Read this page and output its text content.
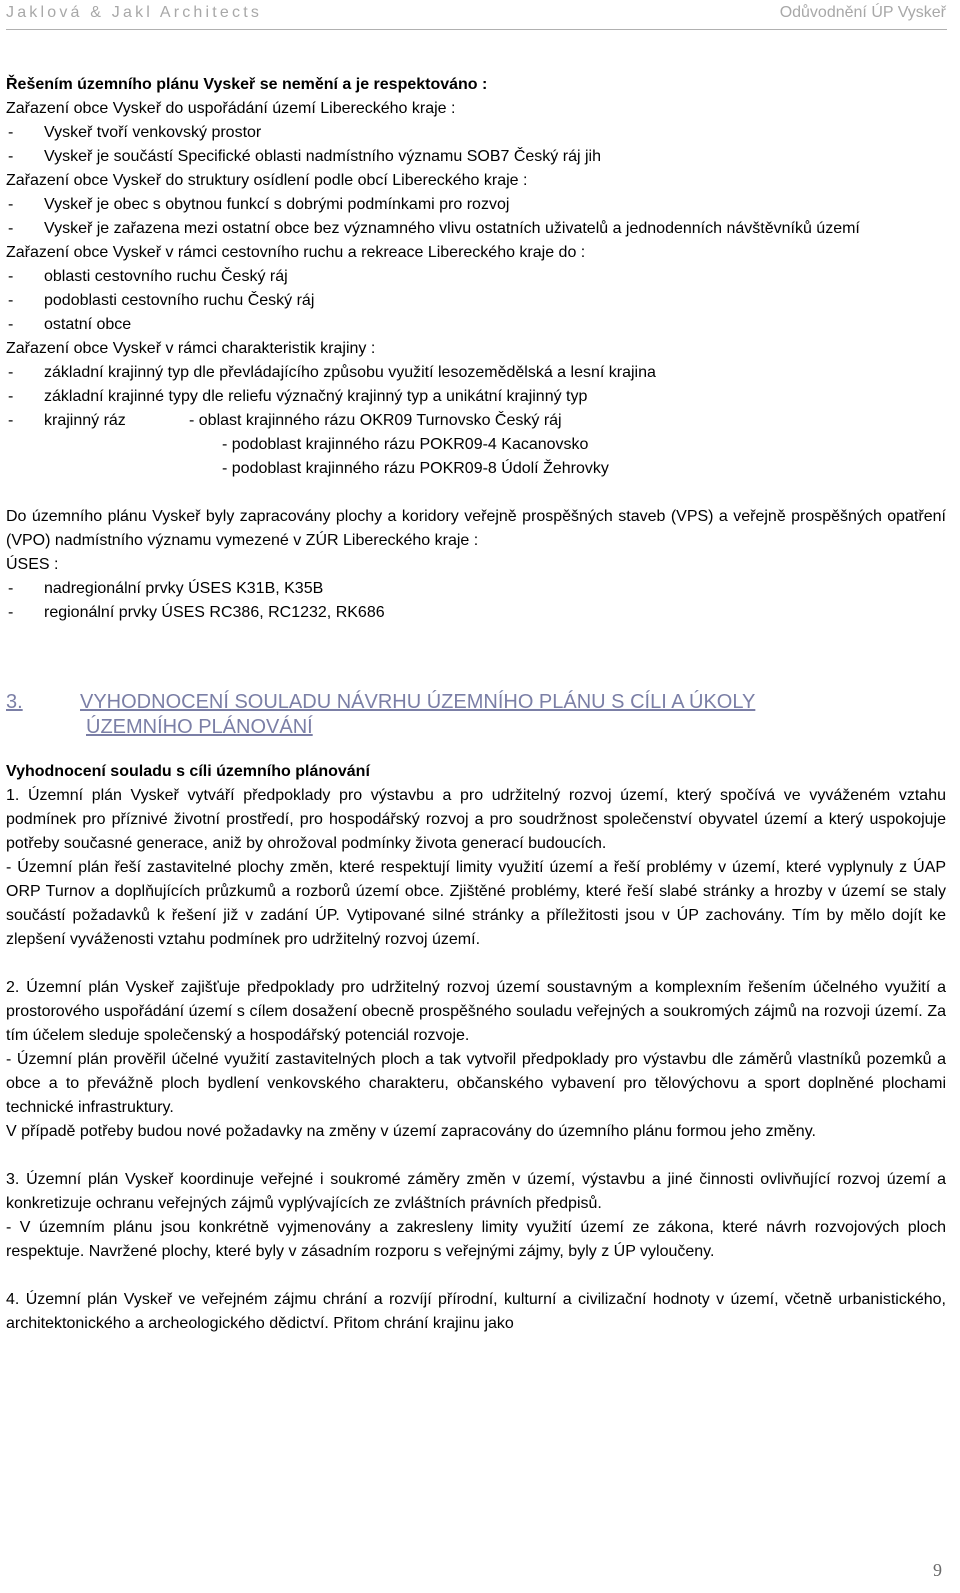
Jaklová & Jakl Architects	Odůvodnění ÚP Vyskeř

Řešením územního plánu Vyskeř se nemění a je respektováno :

Zařazení obce Vyskeř do uspořádání území Libereckého kraje :

-	Vyskeř tvoří venkovský prostor
-	Vyskeř je součástí Specifické oblasti nadmístního významu SOB7 Český ráj jih

Zařazení obce Vyskeř do struktury osídlení podle obcí Libereckého kraje :

-	Vyskeř je obec s obytnou funkcí s dobrými podmínkami pro rozvoj
-	Vyskeř je zařazena mezi ostatní obce bez významného vlivu ostatních uživatelů a jednodenních návštěvníků území

Zařazení obce Vyskeř v rámci cestovního ruchu a rekreace Libereckého kraje do :

-	oblasti cestovního ruchu Český ráj
-	podoblasti cestovního ruchu Český ráj
-	ostatní obce

Zařazení obce Vyskeř v rámci charakteristik krajiny :

-	základní krajinný typ dle převládajícího způsobu využití lesozemědělská a lesní krajina
-	základní krajinné typy dle reliefu význačný krajinný typ a unikátní krajinný typ
-	krajinný ráz	- oblast krajinného rázu OKR09 Turnovsko Český ráj
- podoblast krajinného rázu POKR09-4 Kacanovsko
- podoblast krajinného rázu POKR09-8 Údolí Žehrovky

Do územního plánu Vyskeř byly zapracovány plochy a koridory veřejně prospěšných staveb (VPS) a veřejně prospěšných opatření (VPO) nadmístního významu vymezené v ZÚR Libereckého kraje :

ÚSES :

-	nadregionální prvky ÚSES K31B, K35B
-	regionální prvky ÚSES RC386, RC1232, RK686
3.	VYHODNOCENÍ SOULADU NÁVRHU ÚZEMNÍHO PLÁNU S CÍLI A ÚKOLY
ÚZEMNÍHO PLÁNOVÁNÍ

Vyhodnocení souladu s cíli územního plánování

1. Územní plán Vyskeř vytváří předpoklady pro výstavbu a pro udržitelný rozvoj území, který spočívá ve vyváženém vztahu podmínek pro příznivé životní prostředí, pro hospodářský rozvoj a pro soudržnost společenství obyvatel území a který uspokojuje potřeby současné generace, aniž by ohrožoval podmínky života generací budoucích.

- Územní plán řeší zastavitelné plochy změn, které respektují limity využití území a řeší problémy v území, které vyplynuly z ÚAP ORP Turnov a doplňujících průzkumů a rozborů území obce. Zjištěné problémy, které řeší slabé stránky a hrozby v území se staly součástí požadavků k řešení již v zadání ÚP. Vytipované silné stránky a příležitosti jsou v ÚP zachovány. Tím by mělo dojít ke zlepšení vyváženosti vztahu podmínek pro udržitelný rozvoj území.

2. Územní plán Vyskeř zajišťuje předpoklady pro udržitelný rozvoj území soustavným a komplexním řešením účelného využití a prostorového uspořádání území s cílem dosažení obecně prospěšného souladu veřejných a soukromých zájmů na rozvoji území. Za tím účelem sleduje společenský a hospodářský potenciál rozvoje.

- Územní plán prověřil účelné využití zastavitelných ploch a tak vytvořil předpoklady pro výstavbu dle záměrů vlastníků pozemků a obce a to převážně ploch bydlení venkovského charakteru, občanského vybavení pro tělovýchovu a sport doplněné plochami technické infrastruktury.

V případě potřeby budou nové požadavky na změny v území zapracovány do územního plánu formou jeho změny.

3. Územní plán Vyskeř koordinuje veřejné i soukromé záměry změn v území, výstavbu a jiné činnosti ovlivňující rozvoj území a konkretizuje ochranu veřejných zájmů vyplývajících ze zvláštních právních předpisů.

- V územním plánu jsou konkrétně vyjmenovány a zakresleny limity využití území ze zákona, které návrh rozvojových ploch respektuje. Navržené plochy, které byly v zásadním rozporu s veřejnými zájmy, byly z ÚP vyloučeny.

4. Územní plán Vyskeř ve veřejném zájmu chrání a rozvíjí přírodní, kulturní a civilizační hodnoty v území, včetně urbanistického, architektonického a archeologického dědictví. Přitom chrání krajinu jako

9
